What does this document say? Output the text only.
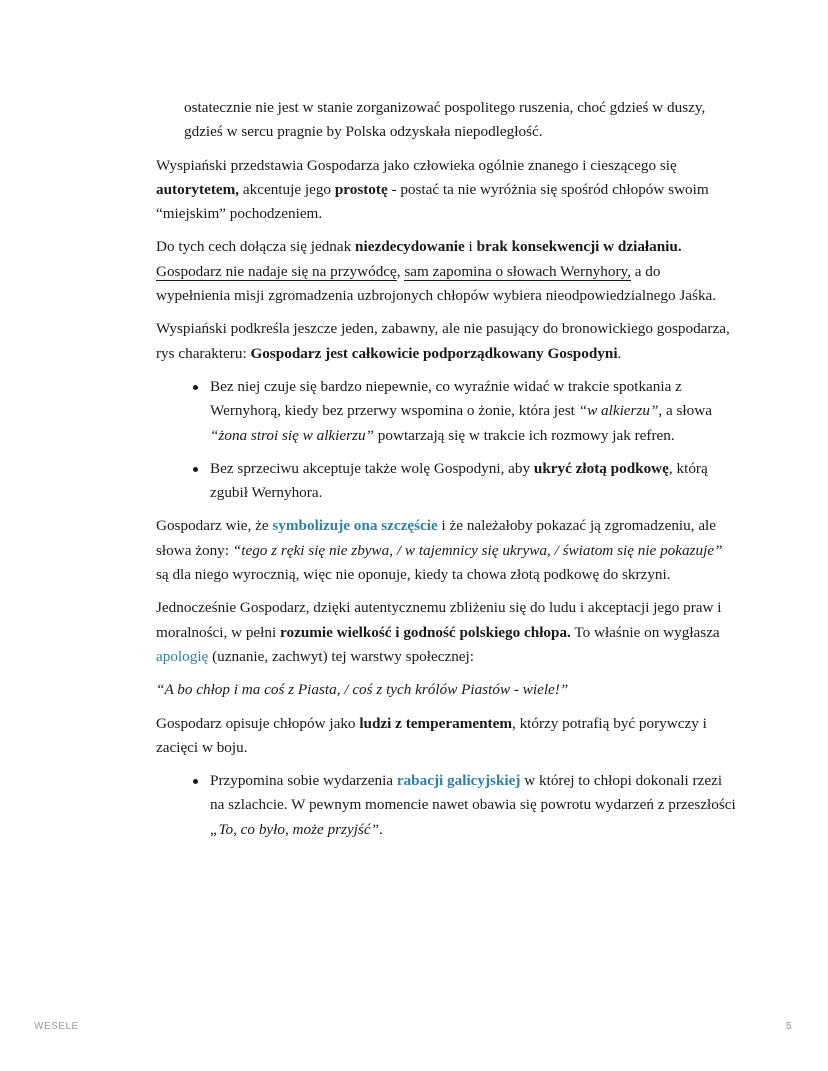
ostatecznie nie jest w stanie zorganizować pospolitego ruszenia, choć gdzieś w duszy, gdzieś w sercu pragnie by Polska odzyskała niepodległość.

Wyspiański przedstawia Gospodarza jako człowieka ogólnie znanego i cieszącego się autorytetem, akcentuje jego prostotę - postać ta nie wyróżnia się spośród chłopów swoim “miejskim” pochodzeniem.

Do tych cech dołącza się jednak niezdecydowanie i brak konsekwencji w działaniu. Gospodarz nie nadaje się na przywódcę, sam zapomina o słowach Wernyhory, a do wypełnienia misji zgromadzenia uzbrojonych chłopów wybiera nieodpowiedzialnego Jaśka.

Wyspiański podkreśla jeszcze jeden, zabawny, ale nie pasujący do bronowickiego gospodarza, rys charakteru: Gospodarz jest całkowicie podporządkowany Gospodyni.

Bez niej czuje się bardzo niepewnie, co wyraźnie widać w trakcie spotkania z Wernyhorą, kiedy bez przerwy wspomina o żonie, która jest “w alkierzu”, a słowa “żona stroi się w alkierzu” powtarzają się w trakcie ich rozmowy jak refren.
Bez sprzeciwu akceptuje także wolę Gospodyni, aby ukryć złotą podkowę, którą zgubił Wernyhora.

Gospodarz wie, że symbolizuje ona szczęście i że należałoby pokazać ją zgromadzeniu, ale słowa żony: “tego z ręki się nie zbywa, / w tajemnicy się ukrywa, / światom się nie pokazuje” są dla niego wyrocznią, więc nie oponuje, kiedy ta chowa złotą podkowę do skrzyni.

Jednocześnie Gospodarz, dzięki autentycznemu zbliżeniu się do ludu i akceptacji jego praw i moralności, w pełni rozumie wielkość i godność polskiego chłopa. To właśnie on wygłasza apologię (uznanie, zachwyt) tej warstwy społecznej:

“A bo chłop i ma coś z Piasta, / coś z tych królów Piastów - wiele!”

Gospodarz opisuje chłopów jako ludzi z temperamentem, którzy potrafią być porywczy i zacięci w boju.

Przypomina sobie wydarzenia rabacji galicyjskiej w której to chłopi dokonali rzezi na szlachcie. W pewnym momencie nawet obawia się powrotu wydarzeń z przeszłości „To, co było, może przyjść”.
WESELE	5
